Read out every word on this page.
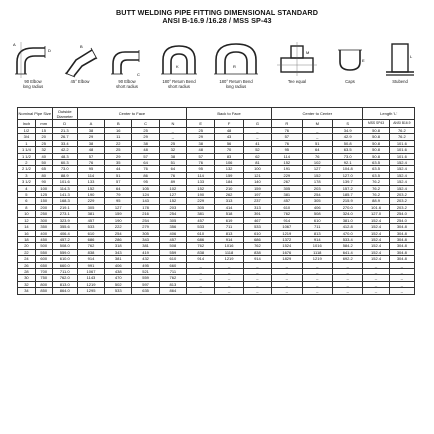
BUTT WELDING PIPE FITTING DIMENSIONAL STANDARD
ANSI B-16.9 /16.28 / MSS SP-43
D
A
90 Elbow
long radius
B
45° Elbow
C
90 Elbow
short radius
K
180° Return Bend
short radius
R
180° Return Bend
long radius
M
Tee equal
E
Caps
L
Stubend
Nominal Pipe Size		Outside Diameter	Center to Face				Back to Face			Center to Center			Length 'L'	
Inch	mm	D	A	B	C	N	E	F	G	R	M	S	MSS SP43	ANSI B16.9
1/2	15	21.3	38	16	25	_	25	48	_	76	_	34.9	50.8	76.2
3/4	20	26.7	29	11	29	_	29	43	_	57	_	42.9	50.8	76.2
1	25	33.4	38	22	38	25	38	56	41	76	51	50.8	50.8	101.6
1 1/4	32	42.2	48	25	48	32	48	70	52	95	64	63.5	50.8	101.6
1 1/2	40	48.3	57	29	57	38	57	83	62	114	76	73.0	50.8	101.6
2	50	60.3	76	35	64	51	76	106	81	152	102	92.1	63.5	152.4
2 1/2	65	73.0	95	44	76	64	95	132	100	191	127	104.8	63.5	152.4
3	80	88.9	114	51	86	76	114	159	121	229	152	127.0	63.5	152.4
3 1/2	90	101.6	133	57	95	89	133	184	140	267	178	139.7	76.2	152.4
4	100	114.3	152	64	105	102	152	210	159	305	203	157.2	76.2	152.4
5	125	141.3	190	79	124	127	190	262	197	381	254	185.7	76.2	203.2
6	150	168.3	229	95	143	152	229	313	237	457	305	215.9	88.9	203.2
8	200	219.1	305	127	178	203	305	414	313	610	406	270.0	101.6	203.2
10	250	273.1	381	159	216	254	381	518	391	762	508	324.0	127.0	254.0
12	300	323.9	457	190	254	305	457	619	467	914	610	381.0	152.4	254.0
14	350	355.6	533	222	279	356	533	711	533	1067	711	412.8	152.4	304.8
16	400	406.4	610	254	305	406	610	813	610	1219	813	470.0	152.4	304.8
18	450	457.2	686	286	343	457	686	914	686	1372	914	533.4	152.4	304.8
20	500	508.0	762	318	381	508	762	1016	762	1524	1016	584.2	152.4	304.8
22	550	559.0	838	343	419	559	838	1118	838	1676	1118	641.4	152.4	304.8
24	600	610.0	914	381	432	610	914	1219	914	1829	1219	692.2	152.4	304.8
26	650	660.0	991	406	495	660	_	_	_	_	_	_	_	_
28	700	711.0	1067	438	521	711	_	_	_	_	_	_	_	_
30	750	762.0	1143	470	559	762	_	_	_	_	_	_	_	_
32	800	813.0	1219	502	597	813	_	_	_	_	_	_	_	_
34	850	864.0	1295	533	635	864	_	_	_	_	_	_	_	_
